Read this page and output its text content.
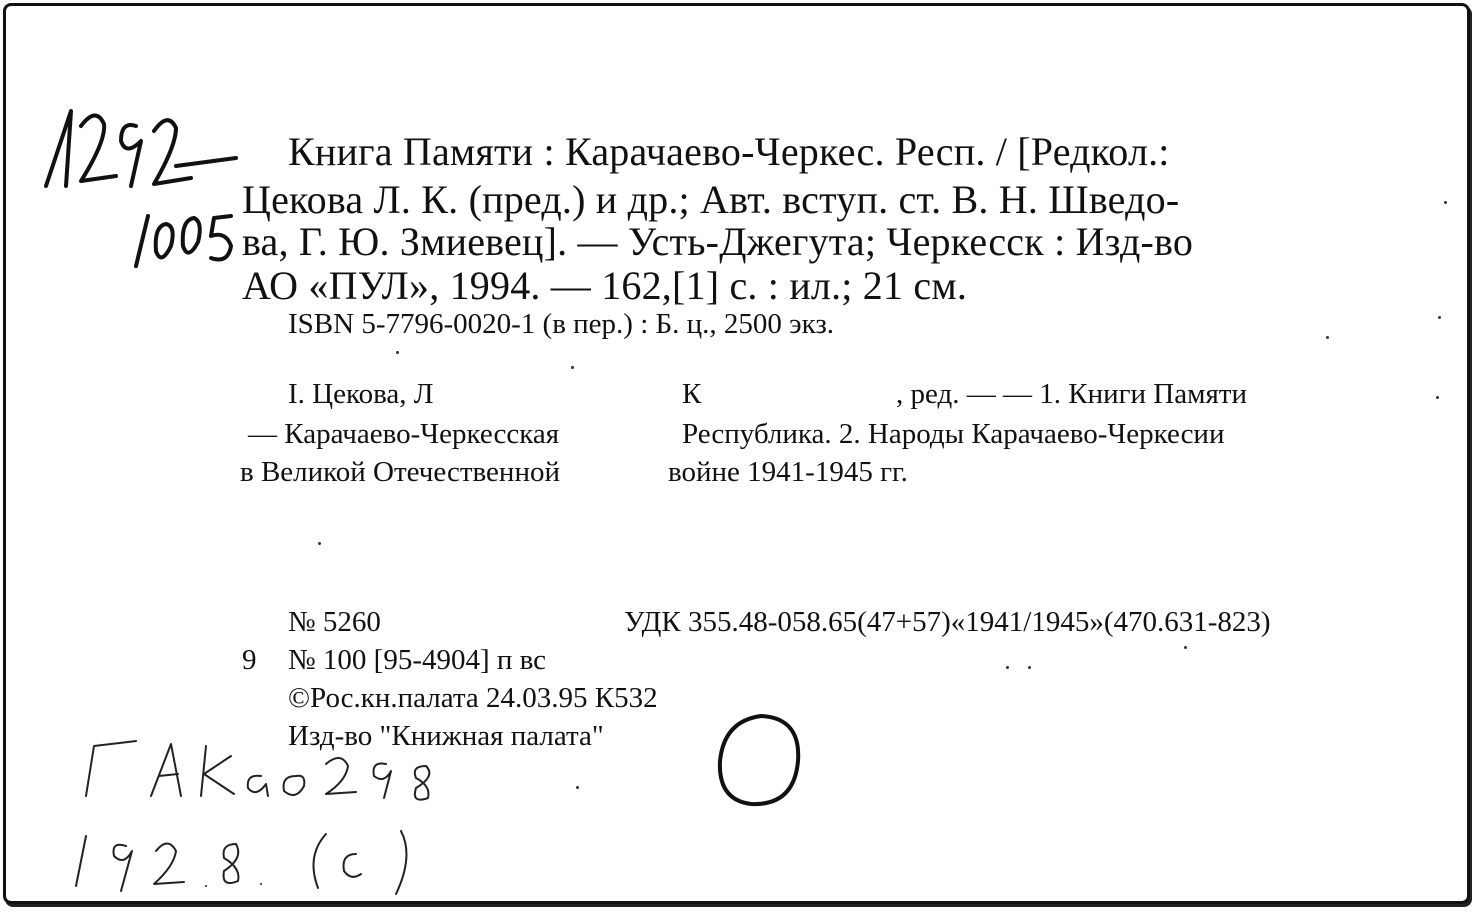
Книга Памяти : Карачаево-Черкес. Респ. / [Редкол.:
Цекова Л. К. (пред.) и др.; Авт. вступ. ст. В. Н. Шведо-
ва, Г. Ю. Змиевец]. — Усть-Джегута; Черкесск : Изд-во
АО «ПУЛ», 1994. — 162,[1] с. : ил.; 21 см.
ISBN 5-7796-0020-1 (в пер.) : Б. ц., 2500 экз.
I. Цекова, Л	К	, ред. — — 1. Книги Памяти
— Карачаево-Черкесская	Республика. 2. Народы Карачаево-Черкесии
в Великой Отечественной	войне 1941-1945 гг.
№ 5260	УДК 355.48-058.65(47+57)«1941/1945»(470.631-823)
9 № 100 [95-4904] п вс
©Рос.кн.палата 24.03.95 К532
Изд-во "Книжная палата"
